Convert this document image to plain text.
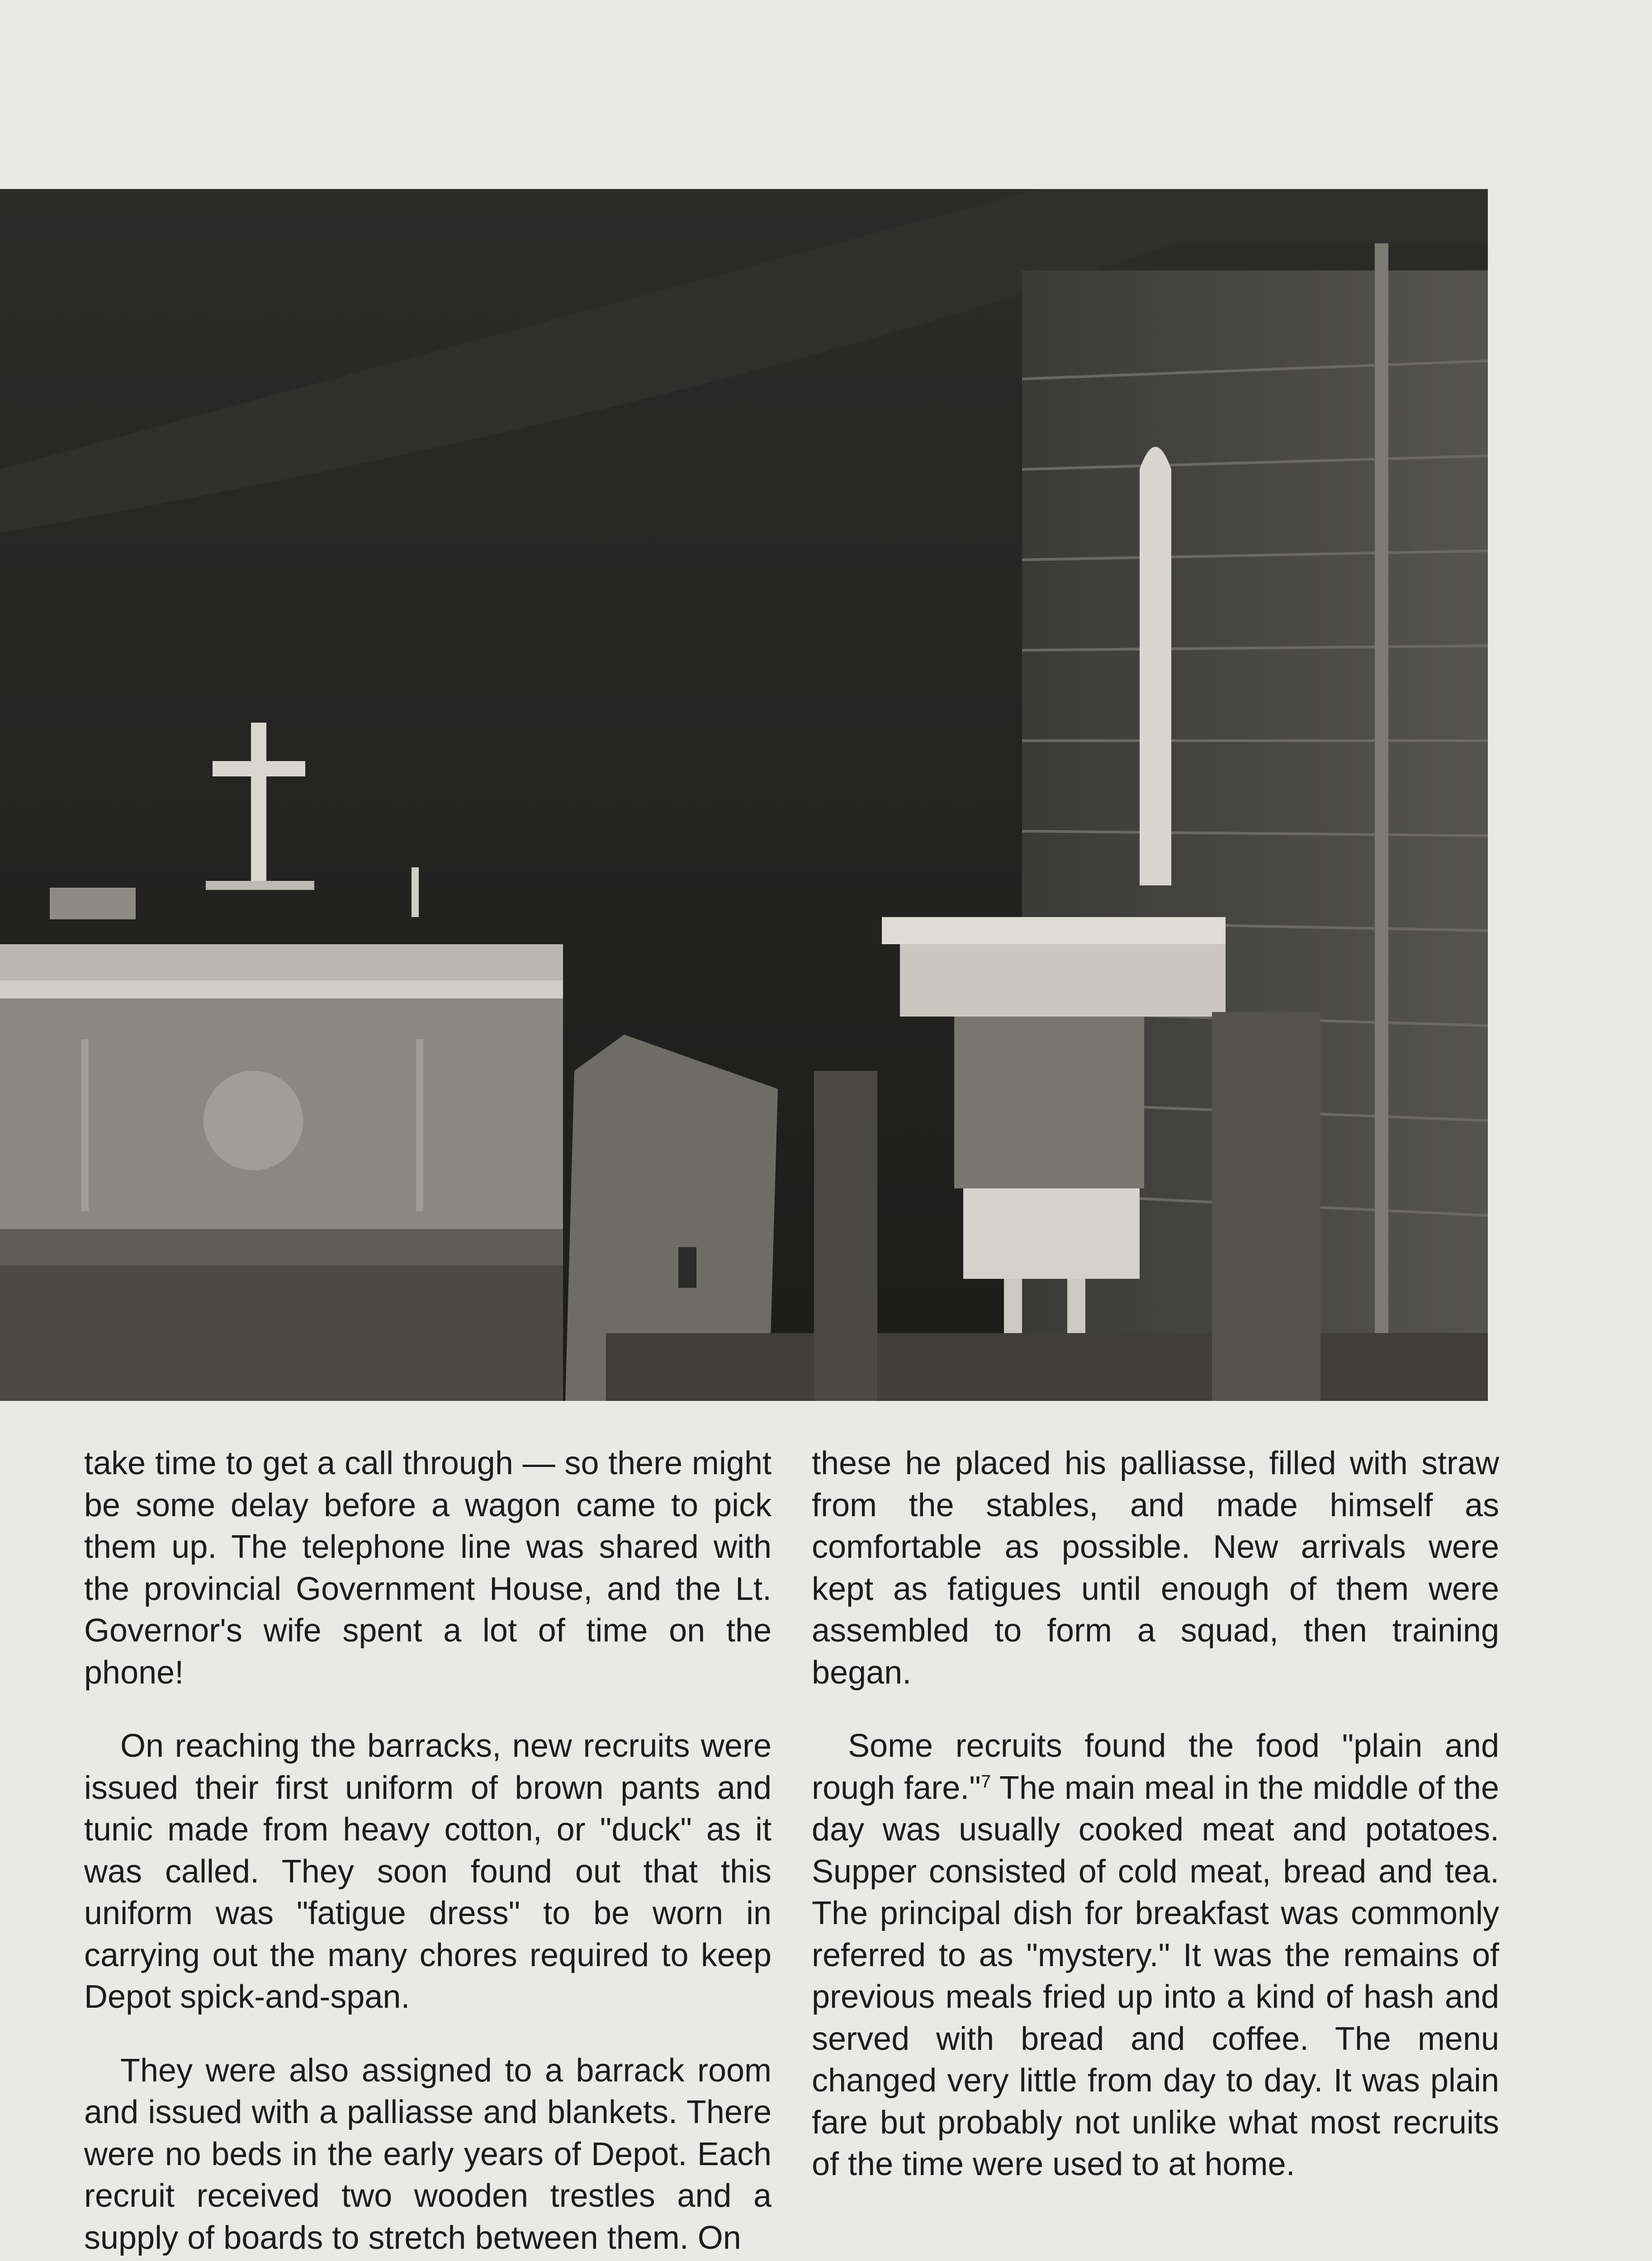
take time to get a call through — so there might be some delay before a wagon came to pick them up. The telephone line was shared with the provincial Government House, and the Lt. Governor's wife spent a lot of time on the phone!

On reaching the barracks, new recruits were issued their first uniform of brown pants and tunic made from heavy cotton, or "duck" as it was called. They soon found out that this uniform was "fatigue dress" to be worn in carrying out the many chores required to keep Depot spick-and-span.

They were also assigned to a barrack room and issued with a palliasse and blankets. There were no beds in the early years of Depot. Each recruit received two wooden trestles and a supply of boards to stretch between them. On

these he placed his palliasse, filled with straw from the stables, and made himself as comfortable as possible. New arrivals were kept as fatigues until enough of them were assembled to form a squad, then training began.

Some recruits found the food "plain and rough fare."$^7$ The main meal in the middle of the day was usually cooked meat and potatoes. Supper consisted of cold meat, bread and tea. The principal dish for breakfast was commonly referred to as "mystery." It was the remains of previous meals fried up into a kind of hash and served with bread and coffee. The menu changed very little from day to day. It was plain fare but probably not unlike what most recruits of the time were used to at home.
